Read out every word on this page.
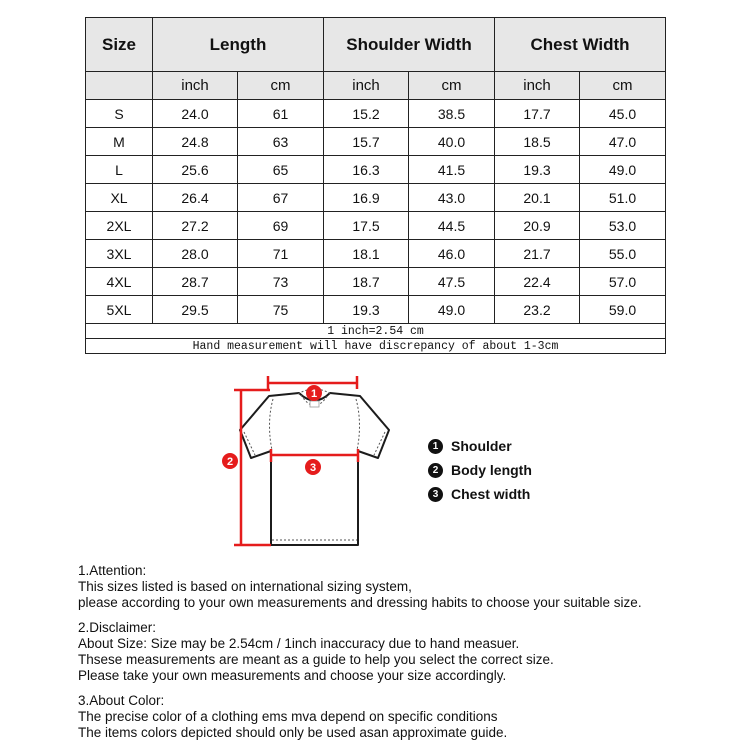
Size	Length		Shoulder Width		Chest Width	
	inch	cm	inch	cm	inch	cm
S	24.0	61	15.2	38.5	17.7	45.0
M	24.8	63	15.7	40.0	18.5	47.0
L	25.6	65	16.3	41.5	19.3	49.0
XL	26.4	67	16.9	43.0	20.1	51.0
2XL	27.2	69	17.5	44.5	20.9	53.0
3XL	28.0	71	18.1	46.0	21.7	55.0
4XL	28.7	73	18.7	47.5	22.4	57.0
5XL	29.5	75	19.3	49.0	23.2	59.0
1 inch=2.54 cm						
Hand measurement will have discrepancy of about 1-3cm						
1
2	3
1 Shoulder
2 Body length
3 Chest width
1.Attention:
This sizes listed is based on international sizing system,
please according to your own measurements and dressing habits to choose your suitable size.
2.Disclaimer:
About Size: Size may be 2.54cm / 1inch inaccuracy due to hand measuer.
Thsese measurements are meant as a guide to help you select the correct size.
Please take your own measurements and choose your size accordingly.
3.About Color:
The precise color of a clothing ems mva depend on specific conditions
The items colors depicted should only be used asan approximate guide.
